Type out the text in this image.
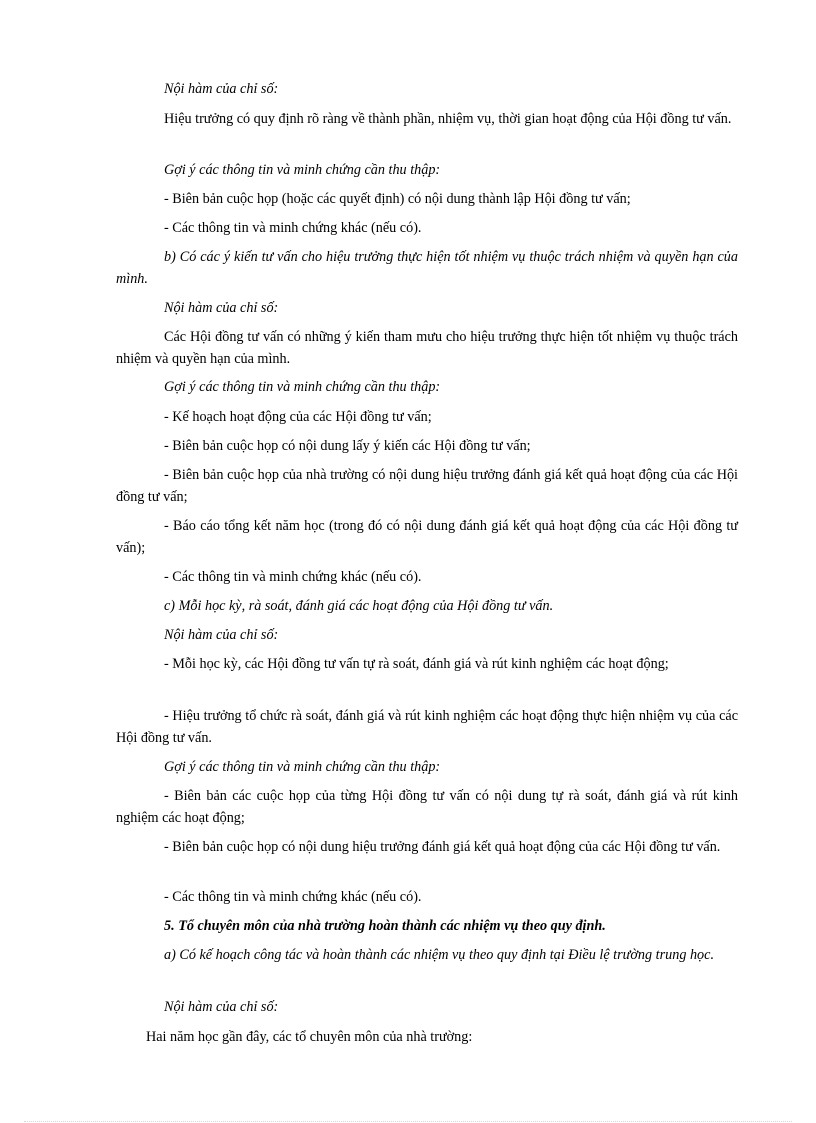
Nội hàm của chỉ số:

Hiệu trưởng có quy định rõ ràng về thành phần, nhiệm vụ, thời gian hoạt động của Hội đồng tư vấn.

Gợi ý các thông tin và minh chứng cần thu thập:

- Biên bản cuộc họp (hoặc các quyết định) có nội dung thành lập Hội đồng tư vấn;

- Các thông tin và minh chứng khác (nếu có).

b) Có các ý kiến tư vấn cho hiệu trưởng thực hiện tốt nhiệm vụ thuộc trách nhiệm và quyền hạn của mình.

Nội hàm của chỉ số:

Các Hội đồng tư vấn có những ý kiến tham mưu cho hiệu trưởng thực hiện tốt nhiệm vụ thuộc trách nhiệm và quyền hạn của mình.

Gợi ý các thông tin và minh chứng cần thu thập:

- Kế hoạch hoạt động của các Hội đồng tư vấn;

- Biên bản cuộc họp có nội dung lấy ý kiến các Hội đồng tư vấn;

- Biên bản cuộc họp của nhà trường có nội dung hiệu trưởng đánh giá kết quả hoạt động của các Hội đồng tư vấn;

- Báo cáo tổng kết năm học (trong đó có nội dung đánh giá kết quả hoạt động của các Hội đồng tư vấn);

- Các thông tin và minh chứng khác (nếu có).

c) Mỗi học kỳ, rà soát, đánh giá các hoạt động của Hội đồng tư vấn.

Nội hàm của chỉ số:

- Mỗi học kỳ, các Hội đồng tư vấn tự rà soát, đánh giá và rút kinh nghiệm các hoạt động;

- Hiệu trưởng tổ chức rà soát, đánh giá và rút kinh nghiệm các hoạt động thực hiện nhiệm vụ của các Hội đồng tư vấn.

Gợi ý các thông tin và minh chứng cần thu thập:

- Biên bản các cuộc họp của từng Hội đồng tư vấn có nội dung tự rà soát, đánh giá và rút kinh nghiệm các hoạt động;

- Biên bản cuộc họp có nội dung hiệu trưởng đánh giá kết quả hoạt động của các Hội đồng tư vấn.

- Các thông tin và minh chứng khác (nếu có).

5. Tổ chuyên môn của nhà trường hoàn thành các nhiệm vụ theo quy định.

a) Có kế hoạch công tác và hoàn thành các nhiệm vụ theo quy định tại Điều lệ trường trung học.

Nội hàm của chỉ số:

Hai năm học gần đây, các tổ chuyên môn của nhà trường:
